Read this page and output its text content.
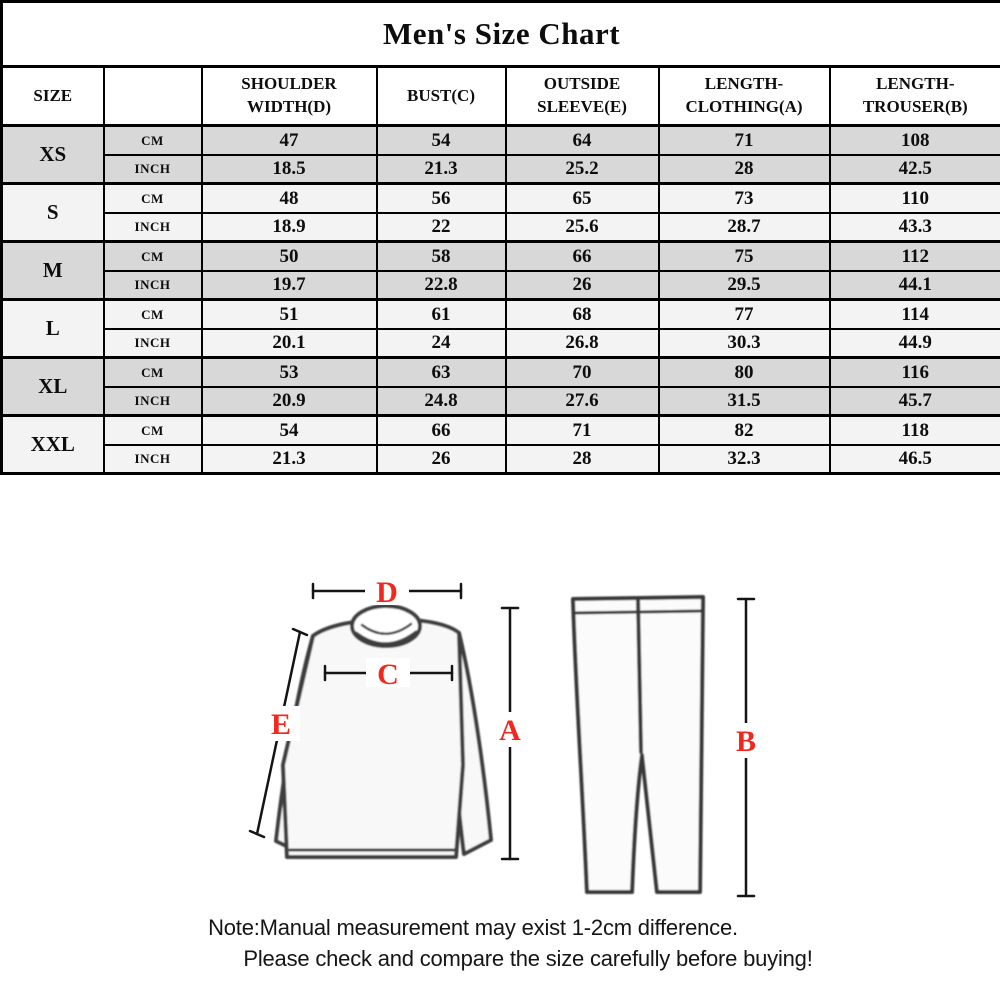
Men's Size Chart						
SIZE		SHOULDER WIDTH(D)	BUST(C)	OUTSIDE SLEEVE(E)	LENGTH-CLOTHING(A)	LENGTH-TROUSER(B)
XS	CM	47	54	64	71	108
	INCH	18.5	21.3	25.2	28	42.5
S	CM	48	56	65	73	110
	INCH	18.9	22	25.6	28.7	43.3
M	CM	50	58	66	75	112
	INCH	19.7	22.8	26	29.5	44.1
L	CM	51	61	68	77	114
	INCH	20.1	24	26.8	30.3	44.9
XL	CM	53	63	70	80	116
	INCH	20.9	24.8	27.6	31.5	45.7
XXL	CM	54	66	71	82	118
	INCH	21.3	26	28	32.3	46.5
D
C
E	A	B
Note:Manual measurement may exist 1-2cm difference.
Please check and compare the size carefully before buying!
